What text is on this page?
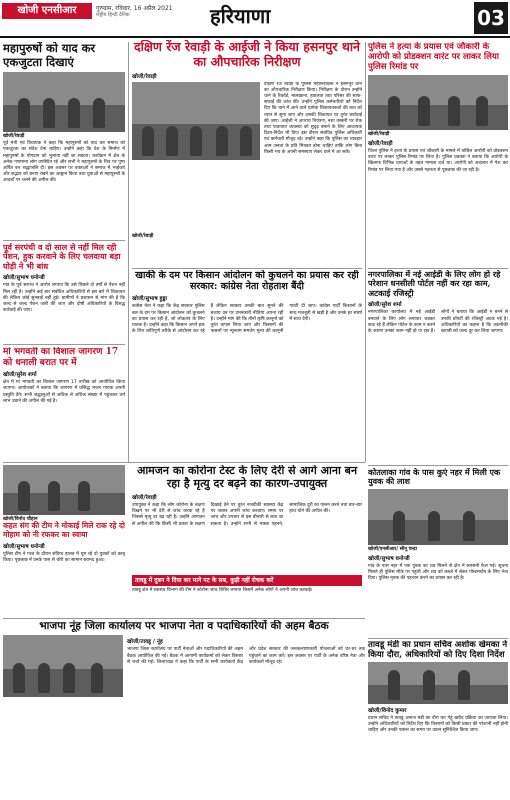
खोजी एनसीआर	गुरुग्राम, रविवार, 16 अप्रैल 2021
राष्ट्रीय हिन्दी दैनिक	हरियाणा	03
महापुरुषों को याद कर एकजुटता दिखाएं
खोजी/रेवाड़ी
पूर्व मंत्री एवं विधायक ने कहा कि महापुरुषों को याद कर समाज को एकजुटता का संदेश देना चाहिए। उन्होंने कहा कि देश के निर्माण में महापुरुषों के योगदान को भुलाया नहीं जा सकता। कार्यक्रम में क्षेत्र के अनेक गणमान्य लोग उपस्थित रहे और सभी ने महापुरुषों के चित्र पर पुष्प अर्पित कर श्रद्धांजलि दी। इस अवसर पर वक्ताओं ने समाज में भाईचारे और सद्भाव को बनाए रखने का आह्वान किया तथा युवाओं से महापुरुषों के आदर्शों पर चलने की अपील की।
दक्षिण रेंज रेवाड़ी के आईजी ने किया हसनपुर थाने का औपचारिक निरीक्षण
खोजी/रेवाड़ी
दक्षिण रेंज रेवाड़ी के पुलिस महानिरीक्षक ने हसनपुर थाने का औपचारिक निरीक्षण किया। निरीक्षण के दौरान उन्होंने थाने के रिकॉर्ड, मालखाना, हवालात तथा परिसर की साफ-सफाई की जांच की। उन्होंने पुलिस कर्मचारियों को निर्देश दिए कि थाने में आने वाले प्रत्येक शिकायतकर्ता की बात को ध्यान से सुना जाए और उसकी शिकायत पर तुरंत कार्रवाई की जाए। आईजी ने अपराध नियंत्रण, नशा तस्करी पर रोक तथा यातायात व्यवस्था को सुदृढ़ बनाने के लिए आवश्यक दिशा-निर्देश भी दिए। इस दौरान संबंधित पुलिस अधिकारी एवं कर्मचारी मौजूद रहे। उन्होंने कहा कि पुलिस का व्यवहार आम जनता के प्रति मित्रवत होना चाहिए ताकि लोग बिना किसी भय के अपनी समस्याएं लेकर थाने में आ सकें।
खोजी/रेवाड़ी
पुलिस ने हत्या के प्रयास एवं जौकारी के आरोपी को प्रोडक्शन वारंट पर लाकर लिया पुलिस रिमांड पर
खोजी/रेवाड़ी
खोजी/रेवाड़ी
जिला पुलिस ने हत्या के प्रयास एवं जौकारी के मामले में वांछित आरोपी को प्रोडक्शन वारंट पर लाकर पुलिस रिमांड पर लिया है। पुलिस प्रवक्ता ने बताया कि आरोपी के खिलाफ विभिन्न धाराओं के तहत मामला दर्ज था। आरोपी को अदालत में पेश कर रिमांड पर लिया गया है और उससे गहनता से पूछताछ की जा रही है।
पूर्व सरपंची व दो साल से नहीं मिल रही पेंशन, हुक करवाने के लिए चलवाया बड़ा घोड़ी ने भी बांध
खोजी/सुभाष धनोन्डी
गांव के पूर्व सरपंच ने आरोप लगाया कि उसे पिछले दो वर्षों से पेंशन नहीं मिल रही है। उन्होंने कई बार संबंधित अधिकारियों से इस बारे में शिकायत की लेकिन कोई सुनवाई नहीं हुई। ग्रामीणों ने प्रशासन से मांग की है कि जल्द से जल्द पेंशन जारी की जाए और दोषी अधिकारियों के विरुद्ध कार्रवाई की जाए।
मां भगवती का विशाल जागरण 17 को धनाली बरात पर में
खोजी/सुरेश शर्मा
क्षेत्र में मां भगवती का विशाल जागरण 17 तारीख को आयोजित किया जाएगा। आयोजकों ने बताया कि जागरण में प्रसिद्ध भजन गायक अपनी प्रस्तुति देंगे। सभी श्रद्धालुओं से अधिक से अधिक संख्या में पहुंचकर धर्म लाभ उठाने की अपील की गई है।
खाकी के दम पर किसान आंदोलन को कुचलने का प्रयास कर रही सरकार: कांग्रेस नेता रोहताश बैंदी
खोजी/सुभाष हुड्डा
कांग्रेस नेता ने कहा कि केंद्र सरकार पुलिस बल के दम पर किसान आंदोलन को कुचलने का प्रयास कर रही है, जो लोकतंत्र के लिए घातक है। उन्होंने कहा कि किसान अपने हक के लिए शांतिपूर्ण तरीके से आंदोलन कर रहे हैं लेकिन सरकार उनकी बात सुनने की बजाय उन पर दमनकारी नीतियां अपना रही है। उन्होंने मांग की कि तीनों कृषि कानूनों को तुरंत वापस लिया जाए और किसानों की फसलों पर न्यूनतम समर्थन मूल्य की कानूनी गारंटी दी जाए। कांग्रेस पार्टी किसानों के साथ मजबूती से खड़ी है और उनके हर संघर्ष में साथ देगी।
नगरपालिका में नई आईडी के लिए लोग हो रहे परेशान धनसीली पोर्टल नहीं कर रहा काम, अटकाई रजिस्ट्री
खोजी/सुरेश शर्मा
नगरपालिका कार्यालय में नई आईडी बनवाने के लिए लोग लगातार चक्कर काट रहे हैं लेकिन पोर्टल के काम न करने के कारण उनका काम नहीं हो पा रहा है। लोगों ने बताया कि आईडी न बनने से उनकी प्रॉपर्टी की रजिस्ट्री अटक गई है। अधिकारियों का कहना है कि तकनीकी खराबी को जल्द दूर कर लिया जाएगा।
आमजन का कोरोना टेस्ट के लिए देरी से आगे आना बन रहा है मृत्यु दर बढ़ने का कारण-उपायुक्त
खोजी/रेवाड़ी
उपायुक्त ने कहा कि लोग कोरोना के लक्षण दिखने पर भी देरी से जांच करवा रहे हैं जिससे मृत्यु दर बढ़ रही है। उन्होंने आमजन से अपील की कि किसी भी प्रकार के लक्षण दिखाई देने पर तुरंत नजदीकी स्वास्थ्य केंद्र पर जाकर अपनी जांच करवाएं। समय पर जांच और उपचार से इस बीमारी से बचा जा सकता है। उन्होंने सभी से मास्क पहनने, सामाजिक दूरी का पालन करने तथा बार-बार हाथ धोने की अपील की।
तावडू में दुबन ने दिया कर माने पट के सब, कुड़ी नहीं रोचक करें
तावडू क्षेत्र में स्वास्थ्य विभाग की टीम ने कोरोना जांच शिविर लगाया जिसमें अनेक लोगों ने अपनी जांच करवाई।
खोजी/विनोद चौहान
कहत संग की टीम ने मोकाई मिले राक रहे दो मोहाम को नी रफकर का स्वाया
खोजी/सुभाष धनोन्डी
पुलिस टीम ने गश्त के दौरान संदिग्ध हालत में घूम रहे दो युवकों को काबू किया। पूछताछ में उनके पास से चोरी का सामान बरामद हुआ।
कोतलाका गांव के पास कुएं नहर में मिली एक युवक की लाश
खोजी/एनसीआर/ सीनू चन्द्रा
खोजी/सुभाष धनोन्डी
गांव के पास नहर में एक युवक का शव मिलने से क्षेत्र में सनसनी फैल गई। सूचना मिलते ही पुलिस मौके पर पहुंची और शव को कब्जे में लेकर पोस्टमार्टम के लिए भेज दिया। पुलिस मृतक की पहचान करने का प्रयास कर रही है।
भाजपा नूंह जिला कार्यालय पर भाजपा नेता व पदाधिकारियों की अहम बैठक
खोजी/तावडू / नूंह
भाजपा जिला कार्यालय पर पार्टी नेताओं और पदाधिकारियों की अहम बैठक आयोजित की गई। बैठक में आगामी कार्यक्रमों को लेकर विस्तार से चर्चा की गई। जिलाध्यक्ष ने कहा कि पार्टी के सभी कार्यकर्ता केंद्र और प्रदेश सरकार की जनकल्याणकारी योजनाओं को घर-घर तक पहुंचाने का काम करें। इस अवसर पर पार्टी के अनेक वरिष्ठ नेता और कार्यकर्ता मौजूद रहे।
तावडू मंडी का प्रधान सचिव अशोक खेमका ने किया दौरा, अधिकारियों को दिए दिशा निर्देश
खोजी/विनोद कुमार
प्रधान सचिव ने तावडू अनाज मंडी का दौरा कर गेहूं खरीद प्रक्रिया का जायजा लिया। उन्होंने अधिकारियों को निर्देश दिए कि किसानों को किसी प्रकार की परेशानी नहीं होनी चाहिए और उनकी फसल का समय पर उठान सुनिश्चित किया जाए।
